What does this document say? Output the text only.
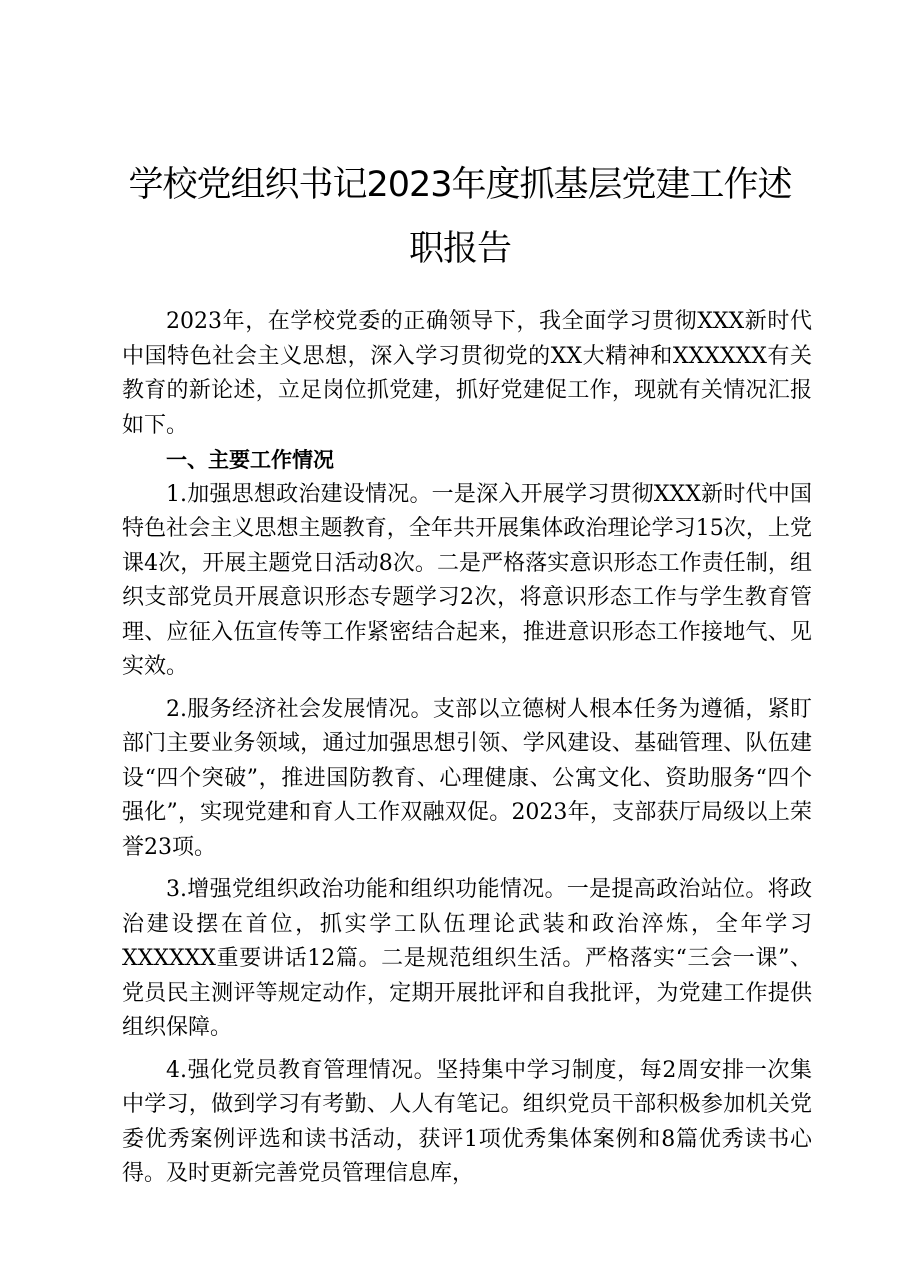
学校党组织书记2023年度抓基层党建工作述
职报告

2023年，在学校党委的正确领导下，我全面学习贯彻XXX新时代中国特色社会主义思想，深入学习贯彻党的XX大精神和XXXXXX有关教育的新论述，立足岗位抓党建，抓好党建促工作，现就有关情况汇报如下。

一、主要工作情况

1.加强思想政治建设情况。一是深入开展学习贯彻XXX新时代中国特色社会主义思想主题教育，全年共开展集体政治理论学习15次，上党课4次，开展主题党日活动8次。二是严格落实意识形态工作责任制，组织支部党员开展意识形态专题学习2次，将意识形态工作与学生教育管理、应征入伍宣传等工作紧密结合起来，推进意识形态工作接地气、见实效。

2.服务经济社会发展情况。支部以立德树人根本任务为遵循，紧盯部门主要业务领域，通过加强思想引领、学风建设、基础管理、队伍建设“四个突破”，推进国防教育、心理健康、公寓文化、资助服务“四个强化”，实现党建和育人工作双融双促。2023年，支部获厅局级以上荣誉23项。

3.增强党组织政治功能和组织功能情况。一是提高政治站位。将政治建设摆在首位，抓实学工队伍理论武装和政治淬炼，全年学习XXXXXX重要讲话12篇。二是规范组织生活。严格落实“三会一课”、党员民主测评等规定动作，定期开展批评和自我批评，为党建工作提供组织保障。

4.强化党员教育管理情况。坚持集中学习制度，每2周安排一次集中学习，做到学习有考勤、人人有笔记。组织党员干部积极参加机关党委优秀案例评选和读书活动，获评1项优秀集体案例和8篇优秀读书心得。及时更新完善党员管理信息库，
